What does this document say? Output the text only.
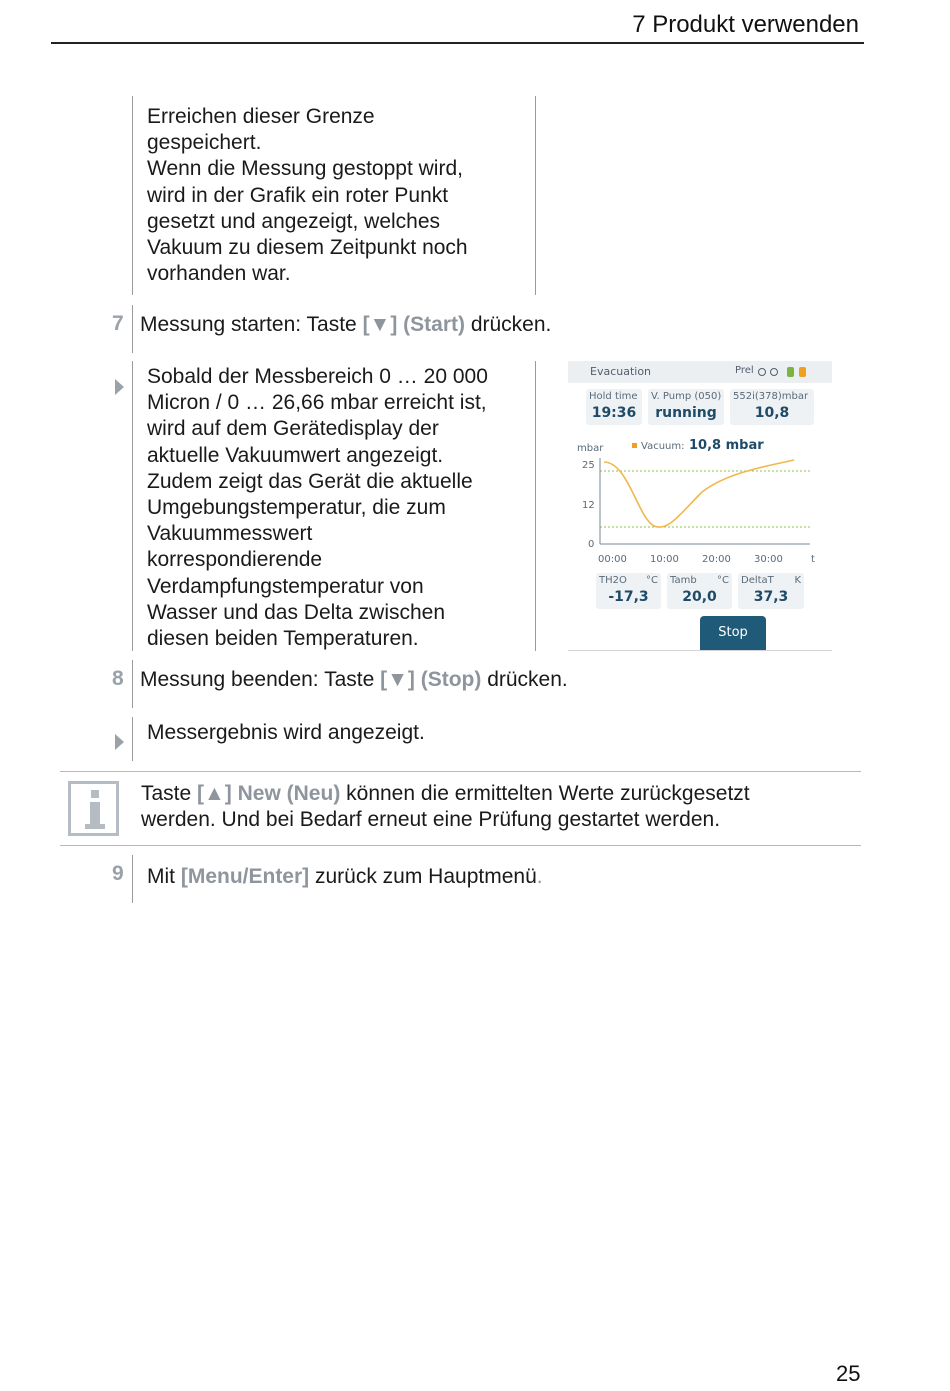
7 Produkt verwenden
Erreichen dieser Grenze
gespeichert.
Wenn die Messung gestoppt wird,
wird in der Grafik ein roter Punkt
gesetzt und angezeigt, welches
Vakuum zu diesem Zeitpunkt noch
vorhanden war.
7 Messung starten: Taste [▼] (Start) drücken.
Sobald der Messbereich 0 … 20 000
Micron / 0 … 26,66 mbar erreicht ist,
wird auf dem Gerätedisplay der
aktuelle Vakuumwert angezeigt.
Zudem zeigt das Gerät die aktuelle
Umgebungstemperatur, die zum
Vakuummesswert
korrespondierende
Verdampfungstemperatur von
Wasser und das Delta zwischen
diesen beiden Temperaturen.
Evacuation	Prel
Hold time
19:36
V. Pump (050)
running
552i(378)mbar
10,8
mbar	Vacuum: 10,8 mbar
25
12
0
00:00 10:00 20:00 30:00	t
TH2O °C
-17,3
Tamb °C
20,0
DeltaT K
37,3
Stop
8 Messung beenden: Taste [▼] (Stop) drücken.
Messergebnis wird angezeigt.
Taste [▲] New (Neu) können die ermittelten Werte zurückgesetzt
werden. Und bei Bedarf erneut eine Prüfung gestartet werden.
9 Mit [Menu/Enter] zurück zum Hauptmenü.
25
